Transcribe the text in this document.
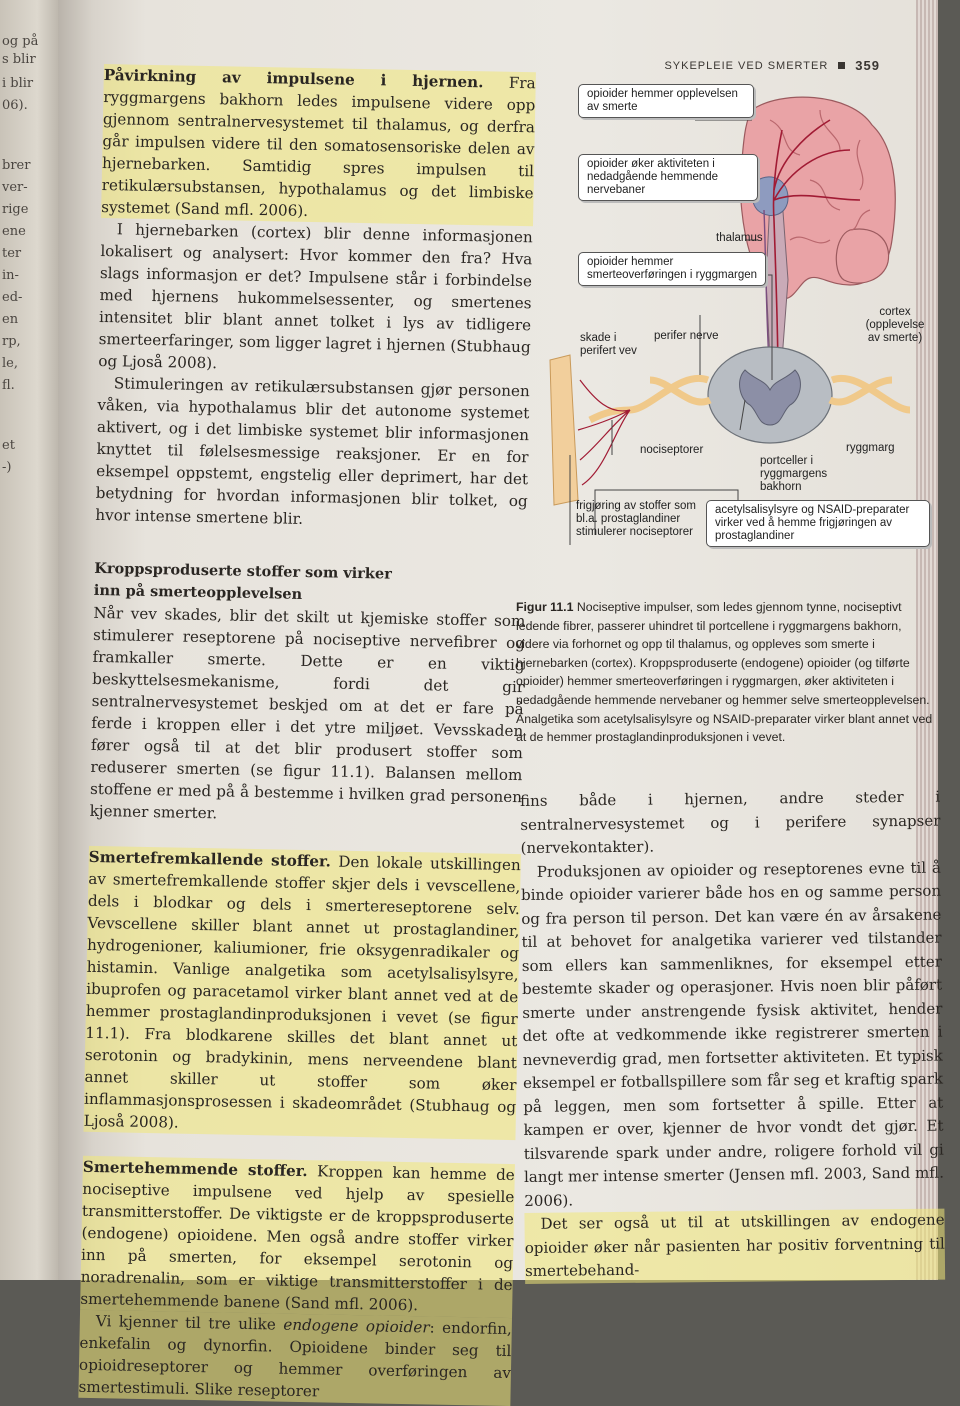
og på
s blir
i blir
06).
brer
ver-
rige
ene
ter
in-
ed-
en
rp,
le,
fl.
et
-)
SYKEPLEIE VED SMERTER 359

Påvirkning av impulsene i hjernen. Fra ryggmargens bakhorn ledes impulsene videre opp gjennom sentralnervesystemet til thalamus, og derfra går impulsen videre til den somatosensoriske delen av hjernebarken. Samtidig spres impulsen til retikulærsubstansen, hypothalamus og det limbiske systemet (Sand mfl. 2006).

I hjernebarken (cortex) blir denne informasjonen lokalisert og analysert: Hvor kommer den fra? Hva slags informasjon er det? Impulsene står i forbindelse med hjernens hukommelsessenter, og smertenes intensitet blir blant annet tolket i lys av tidligere smerteerfaringer, som ligger lagret i hjernen (Stubhaug og Ljoså 2008).

Stimuleringen av retikulærsubstansen gjør personen våken, via hypothalamus blir det autonome systemet aktivert, og i det limbiske systemet blir informasjonen knyttet til følelsesmessige reaksjoner. Er en for eksempel oppstemt, engstelig eller deprimert, har det betydning for hvordan informasjonen blir tolket, og hvor intense smertene blir.

Kroppsproduserte stoffer som virker
inn på smerteopplevelsen

Når vev skades, blir det skilt ut kjemiske stoffer som stimulerer reseptorene på nociseptive nervefibrer og framkaller smerte. Dette er en viktig beskyttelsesmekanisme, fordi det gir sentralnervesystemet beskjed om at det er fare på ferde i kroppen eller i det ytre miljøet. Vevsskaden fører også til at det blir produsert stoffer som reduserer smerten (se figur 11.1). Balansen mellom stoffene er med på å bestemme i hvilken grad personen kjenner smerter.

Smertefremkallende stoffer. Den lokale utskillingen av smertefremkallende stoffer skjer dels i vevscellene, dels i blodkar og dels i smertereseptorene selv. Vevscellene skiller blant annet ut prostaglandiner, hydrogenioner, kaliumioner, frie oksygenradikaler og histamin. Vanlige analgetika som acetylsalisylsyre, ibuprofen og paracetamol virker blant annet ved at de hemmer prostaglandinproduksjonen i vevet (se figur 11.1). Fra blodkarene skilles det blant annet ut serotonin og bradykinin, mens nerveendene blant annet skiller ut stoffer som øker inflammasjonsprosessen i skadeområdet (Stubhaug og Ljoså 2008).

Smertehemmende stoffer. Kroppen kan hemme de nociseptive impulsene ved hjelp av spesielle transmitterstoffer. De viktigste er de kroppsproduserte (endogene) opioidene. Men også andre stoffer virker inn på smerten, for eksempel serotonin og noradrenalin, som er viktige transmitterstoffer i de smertehemmende banene (Sand mfl. 2006).

Vi kjenner til tre ulike endogene opioider: endorfin, enkefalin og dynorfin. Opioidene binder seg til opioidreseptorer og hemmer overføringen av smertestimuli. Slike reseptorer

opioider hemmer opplevelsen av smerte
opioider øker aktiviteten i nedadgående hemmende nervebaner
opioider hemmer smerteoverføringen i ryggmargen
thalamus
cortex (opplevelse av smerte)
skade i perifert vev
perifer nerve
nociseptorer
portceller i ryggmargens bakhorn
ryggmarg
frigjøring av stoffer som bl.a. prostaglandiner stimulerer nociseptorer
acetylsalisylsyre og NSAID-preparater virker ved å hemme frigjøringen av prostaglandiner
Figur 11.1 Nociseptive impulser, som ledes gjennom tynne, nociseptivt ledende fibrer, passerer uhindret til portcellene i ryggmargens bakhorn, videre via forhornet og opp til thalamus, og oppleves som smerte i hjernebarken (cortex). Kroppsproduserte (endogene) opioider (og tilførte opioider) hemmer smerteoverføringen i ryggmargen, øker aktiviteten i nedadgående hemmende nervebaner og hemmer selve smerteopplevelsen. Analgetika som acetylsalisylsyre og NSAID-preparater virker blant annet ved at de hemmer prostaglandinproduksjonen i vevet.

fins både i hjernen, andre steder i sentralnervesystemet og i perifere synapser (nervekontakter).

Produksjonen av opioider og reseptorenes evne til å binde opioider varierer både hos en og samme person og fra person til person. Det kan være én av årsakene til at behovet for analgetika varierer ved tilstander som ellers kan sammenliknes, for eksempel etter bestemte skader og operasjoner. Hvis noen blir påført smerte under anstrengende fysisk aktivitet, hender det ofte at vedkommende ikke registrerer smerten i nevneverdig grad, men fortsetter aktiviteten. Et typisk eksempel er fotballspillere som får seg et kraftig spark på leggen, men som fortsetter å spille. Etter at kampen er over, kjenner de hvor vondt det gjør. Et tilsvarende spark under andre, roligere forhold vil gi langt mer intense smerter (Jensen mfl. 2003, Sand mfl. 2006).

Det ser også ut til at utskillingen av endogene opioider øker når pasienten har positiv forventning til smertebehand-
